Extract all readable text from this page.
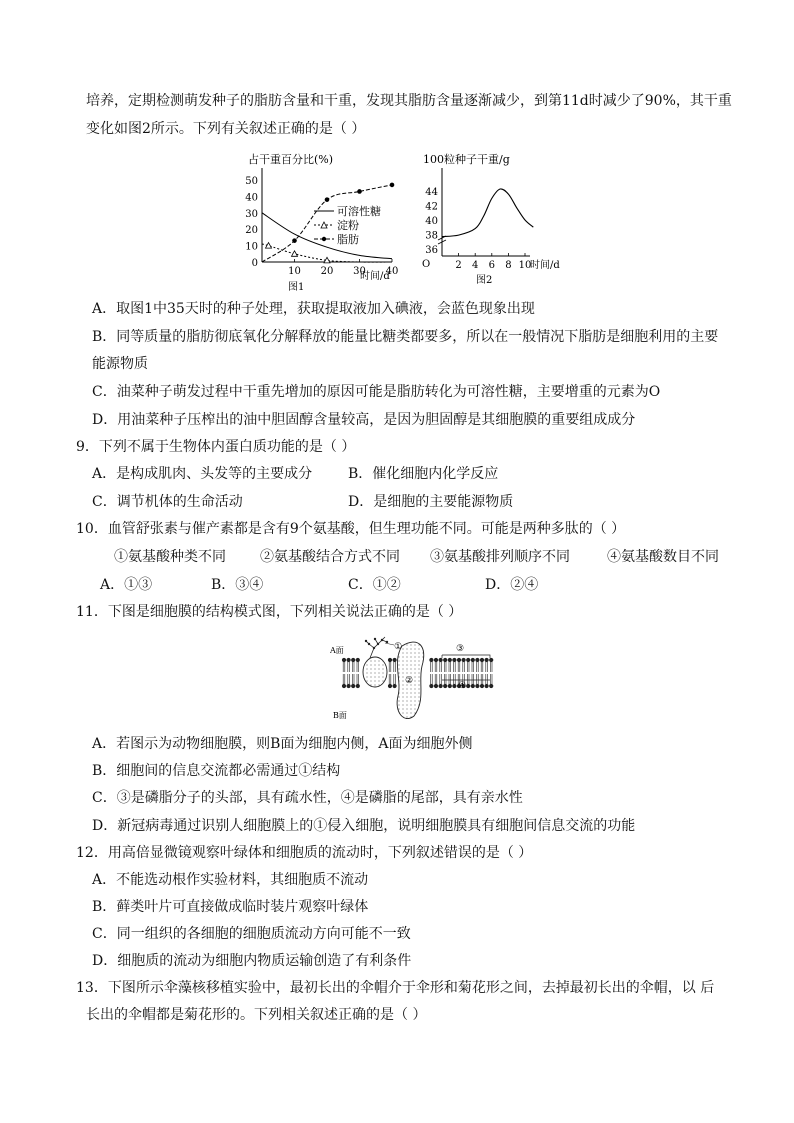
培养，定期检测萌发种子的脂肪含量和干重，发现其脂肪含量逐渐减少，到第11d时减少了90%，其干重
变化如图2所示。下列有关叙述正确的是（ ）
占干重百分比(%)
0
10
20
30
40
50
10 20 30 40
时间/d
图1
可溶性糖
淀粉
脂肪
100粒种子干重/g
O
36
38
40
42
44
2 4 6 8 10
时间/d
图2
A．取图1中35天时的种子处理，获取提取液加入碘液，会蓝色现象出现
B．同等质量的脂肪彻底氧化分解释放的能量比糖类都要多，所以在一般情况下脂肪是细胞利用的主要
能源物质
C．油菜种子萌发过程中干重先增加的原因可能是脂肪转化为可溶性糖，主要增重的元素为O
D．用油菜种子压榨出的油中胆固醇含量较高，是因为胆固醇是其细胞膜的重要组成成分
9．下列不属于生物体内蛋白质功能的是（ ）
A．是构成肌肉、头发等的主要成分	B．催化细胞内化学反应
C．调节机体的生命活动	D．是细胞的主要能源物质
10．血管舒张素与催产素都是含有9个氨基酸，但生理功能不同。可能是两种多肽的（ ）
①氨基酸种类不同 ②氨基酸结合方式不同 ③氨基酸排列顺序不同	④氨基酸数目不同
A．①③	B．③④	C．①②	D．②④
11．下图是细胞膜的结构模式图，下列相关说法正确的是（ ）
A面
B面
①
②
③
④
A．若图示为动物细胞膜，则B面为细胞内侧，A面为细胞外侧
B．细胞间的信息交流都必需通过①结构
C．③是磷脂分子的头部，具有疏水性，④是磷脂的尾部，具有亲水性
D．新冠病毒通过识别人细胞膜上的①侵入细胞，说明细胞膜具有细胞间信息交流的功能
12．用高倍显微镜观察叶绿体和细胞质的流动时，下列叙述错误的是（ ）
A．不能选动根作实验材料，其细胞质不流动
B．藓类叶片可直接做成临时装片观察叶绿体
C．同一组织的各细胞的细胞质流动方向可能不一致
D．细胞质的流动为细胞内物质运输创造了有利条件
13．下图所示伞藻核移植实验中，最初长出的伞帽介于伞形和菊花形之间，去掉最初长出的伞帽，以 后
长出的伞帽都是菊花形的。下列相关叙述正确的是（ ）
